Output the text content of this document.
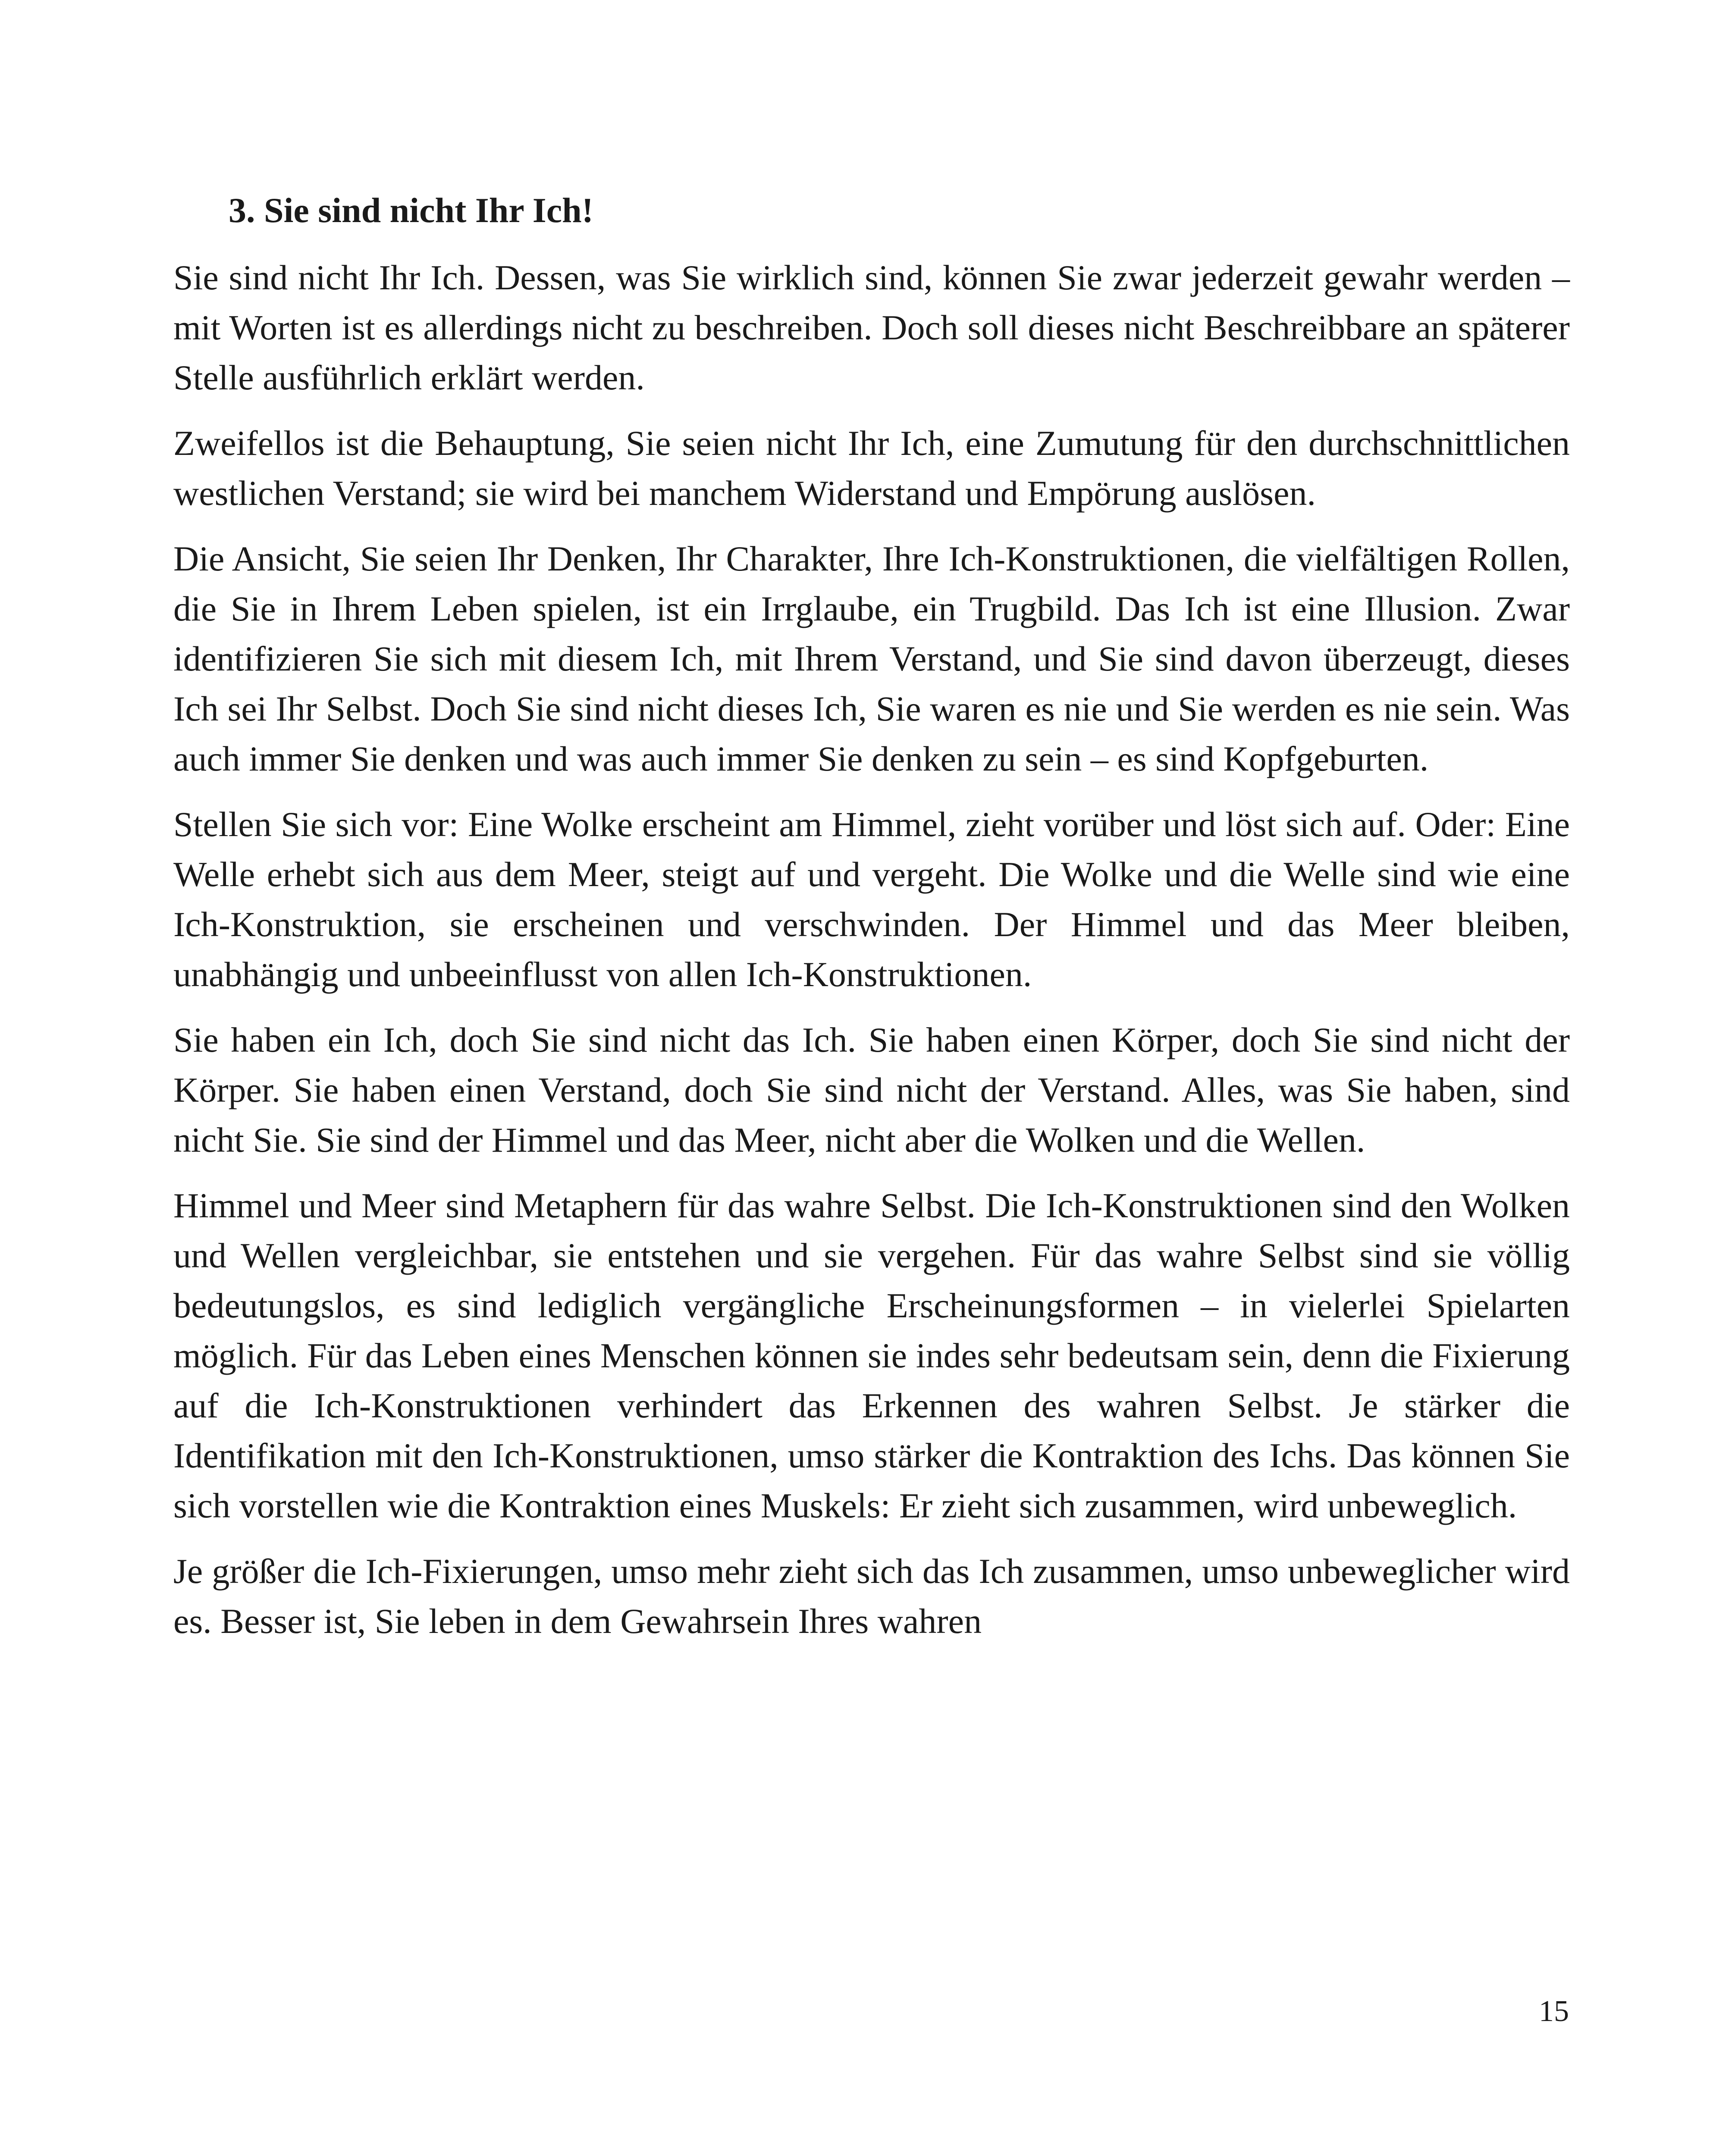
3. Sie sind nicht Ihr Ich!

Sie sind nicht Ihr Ich. Dessen, was Sie wirklich sind, können Sie zwar jederzeit gewahr werden – mit Worten ist es allerdings nicht zu beschreiben. Doch soll dieses nicht Beschreibbare an späterer Stelle ausführlich erklärt werden.

Zweifellos ist die Behauptung, Sie seien nicht Ihr Ich, eine Zumutung für den durchschnittlichen westlichen Verstand; sie wird bei manchem Widerstand und Empörung auslösen.

Die Ansicht, Sie seien Ihr Denken, Ihr Charakter, Ihre Ich-Konstruktionen, die vielfältigen Rollen, die Sie in Ihrem Leben spielen, ist ein Irrglaube, ein Trugbild. Das Ich ist eine Illusion. Zwar identifizieren Sie sich mit diesem Ich, mit Ihrem Verstand, und Sie sind davon überzeugt, dieses Ich sei Ihr Selbst. Doch Sie sind nicht dieses Ich, Sie waren es nie und Sie werden es nie sein. Was auch immer Sie denken und was auch immer Sie denken zu sein – es sind Kopfgeburten.

Stellen Sie sich vor: Eine Wolke erscheint am Himmel, zieht vorüber und löst sich auf. Oder: Eine Welle erhebt sich aus dem Meer, steigt auf und vergeht. Die Wolke und die Welle sind wie eine Ich-Konstruktion, sie erscheinen und verschwinden. Der Himmel und das Meer bleiben, unabhängig und unbeeinflusst von allen Ich-Konstruktionen.

Sie haben ein Ich, doch Sie sind nicht das Ich. Sie haben einen Körper, doch Sie sind nicht der Körper. Sie haben einen Verstand, doch Sie sind nicht der Verstand. Alles, was Sie haben, sind nicht Sie. Sie sind der Himmel und das Meer, nicht aber die Wolken und die Wellen.

Himmel und Meer sind Metaphern für das wahre Selbst. Die Ich-Konstruktionen sind den Wolken und Wellen vergleichbar, sie entstehen und sie vergehen. Für das wahre Selbst sind sie völlig bedeutungslos, es sind lediglich vergängliche Erscheinungsformen – in vielerlei Spielarten möglich. Für das Leben eines Menschen können sie indes sehr bedeutsam sein, denn die Fixierung auf die Ich-Konstruktionen verhindert das Erkennen des wahren Selbst. Je stärker die Identifikation mit den Ich-Konstruktionen, umso stärker die Kontraktion des Ichs. Das können Sie sich vorstellen wie die Kontraktion eines Muskels: Er zieht sich zusammen, wird unbeweglich.

Je größer die Ich-Fixierungen, umso mehr zieht sich das Ich zusammen, umso unbeweglicher wird es. Besser ist, Sie leben in dem Gewahrsein Ihres wahren

15
